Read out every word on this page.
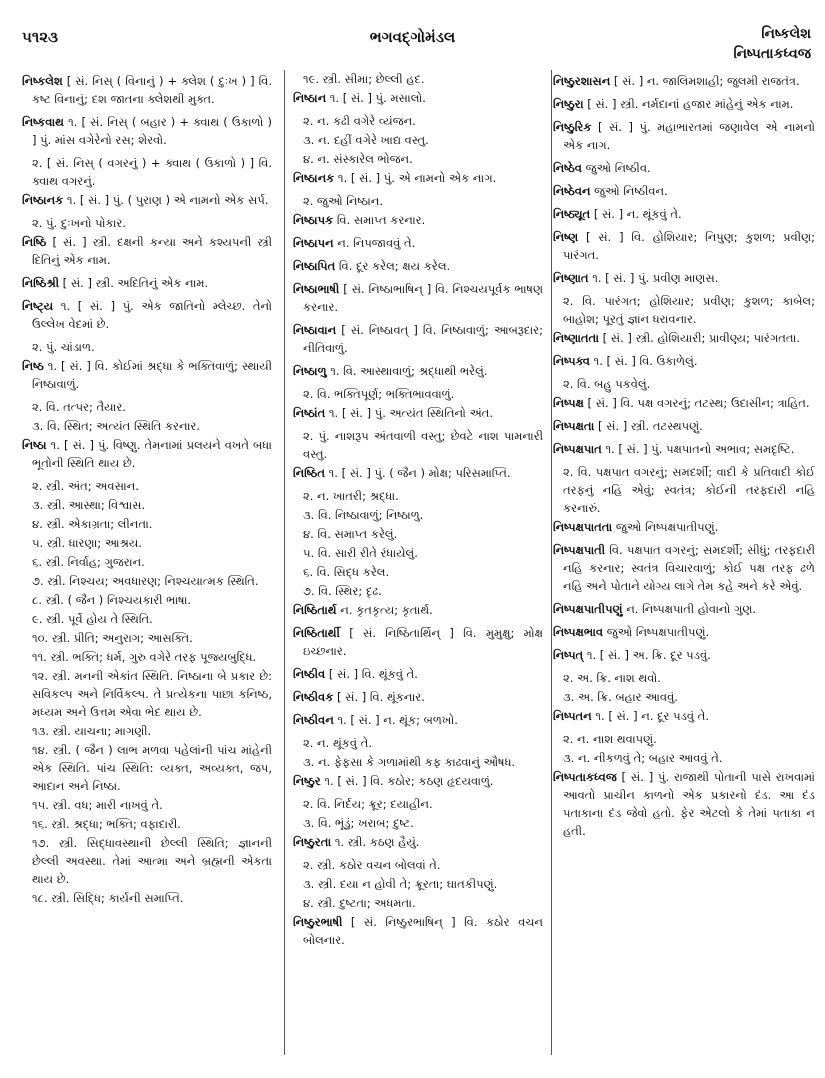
૫૧૨૩	ભગવદ્ગોમંડલ	નિષ્કલેશ
નિષ્પતાકધ્વજ
નિષ્કલેશ [ સં. નિસ્ ( વિનાનું ) + ક્લેશ ( દુઃખ ) ] વિ. કષ્ટ વિનાનું; દશ જાતના ક્લેશથી મુક્ત.
નિષ્કવાથ ૧. [ સં. નિસ્ ( બહાર ) + ક્વાથ ( ઉકાળો ) ] પું. માંસ વગેરેનો રસ; શેરવો.
૨. [ સં. નિસ્ ( વગરનું ) + ક્વાથ ( ઉકાળો ) ] વિ. ક્વાથ વગરનું.
નિષ્ઠાનક ૧. [ સં. ] પું. ( પુરાણ ) એ નામનો એક સર્પ.
૨. પું. દુઃખનો પોકાર.
નિષ્ઠિ [ સં. ] સ્ત્રી. દક્ષની કન્યા અને કશ્યપની સ્ત્રી દિતિનું એક નામ.
નિષ્ઠિશ્રી [ સં. ] સ્ત્રી. અદિતિનું એક નામ.
નિષ્ટ્ય ૧. [ સં. ] પું. એક જાતિનો મ્લેચ્છ. તેનો ઉલ્લેખ વેદમાં છે.
૨. પું. ચાંડાળ.
નિષ્ઠ ૧. [ સં. ] વિ. કોઈમાં શ્રદ્ધા કે ભક્તિવાળું; સ્થાયી નિષ્ઠાવાળું.
૨. વિ. તત્પર; તૈયાર.
૩. વિ. સ્થિત; અત્યંત સ્થિતિ કરનાર.
નિષ્ઠા ૧. [ સં. ] પું. વિષ્ણુ. તેમનામાં પ્રલયને વખતે બધા ભૂતોની સ્થિતિ થાય છે.
૨. સ્ત્રી. અંત; અવસાન.
૩. સ્ત્રી. આસ્થા; વિશ્વાસ.
૪. સ્ત્રી. એકાગ્રતા; લીનતા.
૫. સ્ત્રી. ધારણા; આશ્રય.
૬. સ્ત્રી. નિર્વાહ; ગુજરાન.
૭. સ્ત્રી. નિશ્ચય; અવધારણ; નિશ્ચયાત્મક સ્થિતિ.
૮. સ્ત્રી. ( જૈન ) નિશ્ચયકારી ભાષા.
૯. સ્ત્રી. પૂર્વે હોય તે સ્થિતિ.
૧૦. સ્ત્રી. પ્રીતિ; અનુરાગ; આસક્તિ.
૧૧. સ્ત્રી. ભક્તિ; ધર્મ, ગુરુ વગેરે તરફ પૂજ્યબુદ્ધિ.
૧૨. સ્ત્રી. મનની એકાંત સ્થિતિ. નિષ્ઠાના બે પ્રકાર છે: સવિકલ્પ અને નિર્વિકલ્પ. તે પ્રત્યેકના પાછા કનિષ્ઠ, મધ્યમ અને ઉત્તમ એવા ભેદ થાય છે.
૧૩. સ્ત્રી. યાચના; માગણી.
૧૪. સ્ત્રી. ( જૈન ) લાભ મળવા પહેલાંની પાંચ માંહેની એક સ્થિતિ. પાંચ સ્થિતિ: વ્યક્ત, અવ્યક્ત, જપ, આદાન અને નિષ્ઠા.
૧૫. સ્ત્રી. વધ; મારી નાખવું તે.
૧૬. સ્ત્રી. શ્રદ્ધા; ભક્તિ; વફાદારી.
૧૭. સ્ત્રી. સિદ્ધાવસ્થાની છેલ્લી સ્થિતિ; જ્ઞાનની છેલ્લી અવસ્થા. તેમાં આત્મા અને બ્રહ્મની એકતા થાય છે.
૧૮. સ્ત્રી. સિદ્ધિ; કાર્યની સમાપ્તિ.
૧૯. સ્ત્રી. સીમા; છેલ્લી હદ.
નિષ્ઠાન ૧. [ સં. ] પું. મસાલો.
૨. ન. કઢી વગેરે વ્યંજન.
૩. ન. દહીં વગેરે ખાદ્ય વસ્તુ.
૪. ન. સંસ્કારેલ ભોજન.
નિષ્ઠાનક ૧. [ સં. ] પું. એ નામનો એક નાગ.
૨. જુઓ નિષ્ઠાન.
નિષ્ઠાપક વિ. સમાપ્ત કરનાર.
નિષ્ઠાપન ન. નિપજાવવું તે.
નિષ્ઠાપિત વિ. દૂર કરેલ; ક્ષય કરેલ.
નિષ્ઠાભાષી [ સં. નિષ્ઠાભાષિન્ ] વિ. નિશ્ચયપૂર્વક ભાષણ કરનાર.
નિષ્ઠાવાન [ સં. નિષ્ઠાવત્ ] વિ. નિષ્ઠાવાળું; આબરૂદાર; નીતિવાળું.
નિષ્ઠાળુ ૧. વિ. આસ્થાવાળું; શ્રદ્ધાથી ભરેલું.
૨. વિ. ભક્તિપૂર્ણ; ભક્તિભાવવાળું.
નિષ્ઠાંત ૧. [ સં. ] પું. અત્યંત સ્થિતિનો અંત.
૨. પું. નાશરૂપ અંતવાળી વસ્તુ; છેવટે નાશ પામનારી વસ્તુ.
નિષ્ઠિત ૧. [ સં. ] પું. ( જૈન ) મોક્ષ; પરિસમાપ્તિ.
૨. ન. ખાતરી; શ્રદ્ધા.
૩. વિ. નિષ્ઠાવાળું; નિષ્ઠાળુ.
૪. વિ. સમાપ્ત કરેલું.
૫. વિ. સારી રીતે રંધાયેલું.
૬. વિ. સિદ્ધ કરેલ.
૭. વિ. સ્થિર; દૃઢ.
નિષ્ઠિતાર્થ ન. કૃતકૃત્ય; કૃતાર્થ.
નિષ્ઠિતાર્થી [ સં. નિષ્ઠિતાર્થિન્ ] વિ. મુમુક્ષુ; મોક્ષ ઇચ્છનાર.
નિષ્ઠીવ [ સં. ] વિ. થૂંકવું તે.
નિષ્ઠીવક [ સં. ] વિ. થૂંકનાર.
નિષ્ઠીવન ૧. [ સં. ] ન. થૂંક; બળખો.
૨. ન. થૂંકવું તે.
૩. ન. ફેફસા કે ગળામાંથી કફ કાઢવાનું ઔષધ.
નિષ્ઠુર ૧. [ સં. ] વિ. કઠોર; કઠણ હૃદયવાળું.
૨. વિ. નિર્દય; ક્રૂર; દયાહીન.
૩. વિ. ભૂંડું; ખરાબ; દુષ્ટ.
નિષ્ઠુરતા ૧. સ્ત્રી. કઠણ હૈયું.
૨. સ્ત્રી. કઠોર વચન બોલવાં તે.
૩. સ્ત્રી. દયા ન હોવી તે; ક્રૂરતા; ઘાતકીપણું.
૪. સ્ત્રી. દુષ્ટતા; અધમતા.
નિષ્ઠુરભાષી [ સં. નિષ્ઠુરભાષિન્ ] વિ. કઠોર વચન બોલનાર.
નિષ્ઠુરશાસન [ સં. ] ન. જાલિમશાહી; જુલમી રાજતંત્ર.
નિષ્ઠુરા [ સં. ] સ્ત્રી. નર્મદાનાં હજાર માંહેનું એક નામ.
નિષ્ઠુરિક [ સં. ] પું. મહાભારતમાં જણાવેલ એ નામનો એક નાગ.
નિષ્ઠેવ જુઓ નિષ્ઠીવ.
નિષ્ઠેવન જુઓ નિષ્ઠીવન.
નિષ્ઠ્યૂત [ સં. ] ન. થૂંકવું તે.
નિષ્ણ [ સં. ] વિ. હોશિયાર; નિપુણ; કુશળ; પ્રવીણ; પારંગત.
નિષ્ણાત ૧. [ સં. ] પું. પ્રવીણ માણસ.
૨. વિ. પારંગત; હોશિયાર; પ્રવીણ; કુશળ; કાબેલ; બાહોશ; પૂરતું જ્ઞાન ધરાવનાર.
નિષ્ણાતતા [ સં. ] સ્ત્રી. હોશિયારી; પ્રાવીણ્ય; પારંગતતા.
નિષ્પક્વ ૧. [ સં. ] વિ. ઉકાળેલું.
૨. વિ. બહુ પકવેલું.
નિષ્પક્ષ [ સં. ] વિ. પક્ષ વગરનું; તટસ્થ; ઉદાસીન; ત્રાહિત.
નિષ્પક્ષતા [ સં. ] સ્ત્રી. તટસ્થપણું.
નિષ્પક્ષપાત ૧. [ સં. ] પું. પક્ષપાતનો અભાવ; સમદૃષ્ટિ.
૨. વિ. પક્ષપાત વગરનું; સમદર્શી; વાદી કે પ્રતિવાદી કોઈ તરફનું નહિ એવું; સ્વતંત્ર; કોઈની તરફદારી નહિ કરનારું.
નિષ્પક્ષપાતતા જુઓ નિષ્પક્ષપાતીપણું.
નિષ્પક્ષપાતી વિ. પક્ષપાત વગરનું; સમદર્શી; સીધું; તરફદારી નહિ કરનાર; સ્વતંત્ર વિચારવાળું; કોઈ પક્ષ તરફ ઢળે નહિ અને પોતાને યોગ્ય લાગે તેમ કહે અને કરે એવું.
નિષ્પક્ષપાતીપણું ન. નિષ્પક્ષપાતી હોવાનો ગુણ.
નિષ્પક્ષભાવ જુઓ નિષ્પક્ષપાતીપણું.
નિષ્પત્ ૧. [ સં. ] અ. ક્રિ. દૂર પડવું.
૨. અ. ક્રિ. નાશ થવો.
૩. અ. ક્રિ. બહાર આવવું.
નિષ્પતન ૧. [ સં. ] ન. દૂર પડવું તે.
૨. ન. નાશ થવાપણું.
૩. ન. નીકળવું તે; બહાર આવવું તે.
નિષ્પતાકધ્વજ [ સં. ] પું. રાજાથી પોતાની પાસે રાખવામાં આવતો પ્રાચીન કાળનો એક પ્રકારનો દંડ. આ દંડ પતાકાના દંડ જેવો હતો. ફેર એટલો કે તેમાં પતાકા ન હતી.
